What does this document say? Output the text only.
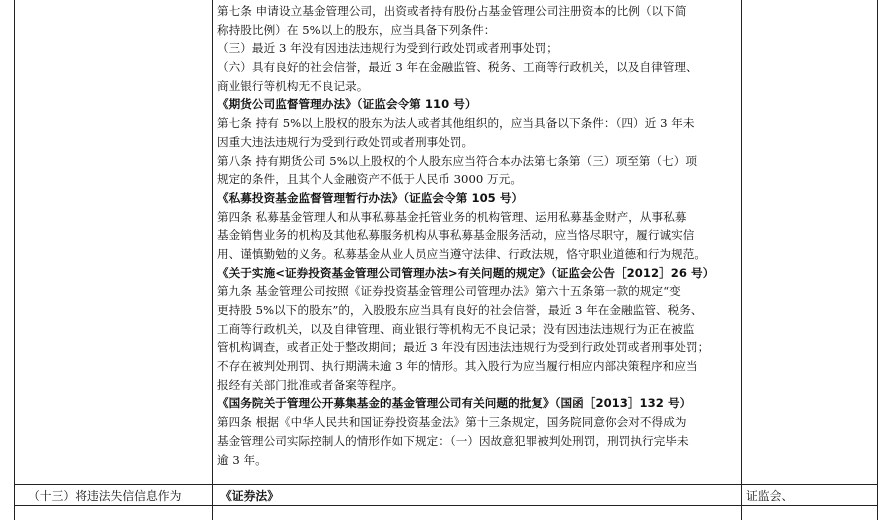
第七条 申请设立基金管理公司，出资或者持有股份占基金管理公司注册资本的比例（以下简
称持股比例）在 5%以上的股东，应当具备下列条件：
（三）最近 3 年没有因违法违规行为受到行政处罚或者刑事处罚；
（六）具有良好的社会信誉，最近 3 年在金融监管、税务、工商等行政机关，以及自律管理、
商业银行等机构无不良记录。
《期货公司监督管理办法》（证监会令第 110 号）
第七条 持有 5%以上股权的股东为法人或者其他组织的，应当具备以下条件：（四）近 3 年未
因重大违法违规行为受到行政处罚或者刑事处罚。
第八条 持有期货公司 5%以上股权的个人股东应当符合本办法第七条第（三）项至第（七）项
规定的条件，且其个人金融资产不低于人民币 3000 万元。
《私募投资基金监督管理暂行办法》（证监会令第 105 号）
第四条 私募基金管理人和从事私募基金托管业务的机构管理、运用私募基金财产，从事私募
基金销售业务的机构及其他私募服务机构从事私募基金服务活动，应当恪尽职守，履行诚实信
用、谨慎勤勉的义务。私募基金从业人员应当遵守法律、行政法规，恪守职业道德和行为规范。
《关于实施<证券投资基金管理公司管理办法>有关问题的规定》（证监会公告［2012］26 号）
第九条 基金管理公司按照《证券投资基金管理公司管理办法》第六十五条第一款的规定“变
更持股 5%以下的股东”的，入股股东应当具有良好的社会信誉，最近 3 年在金融监管、税务、
工商等行政机关，以及自律管理、商业银行等机构无不良记录；没有因违法违规行为正在被监
管机构调查，或者正处于整改期间；最近 3 年没有因违法违规行为受到行政处罚或者刑事处罚；
不存在被判处刑罚、执行期满未逾 3 年的情形。其入股行为应当履行相应内部决策程序和应当
报经有关部门批准或者备案等程序。
《国务院关于管理公开募集基金的基金管理公司有关问题的批复》（国函［2013］132 号）
第四条 根据《中华人民共和国证券投资基金法》第十三条规定，国务院同意你会对不得成为
基金管理公司实际控制人的情形作如下规定：（一）因故意犯罪被判处刑罚，刑罚执行完毕未
逾 3 年。
（十三）将违法失信信息作为	《证券法》	证监会、
